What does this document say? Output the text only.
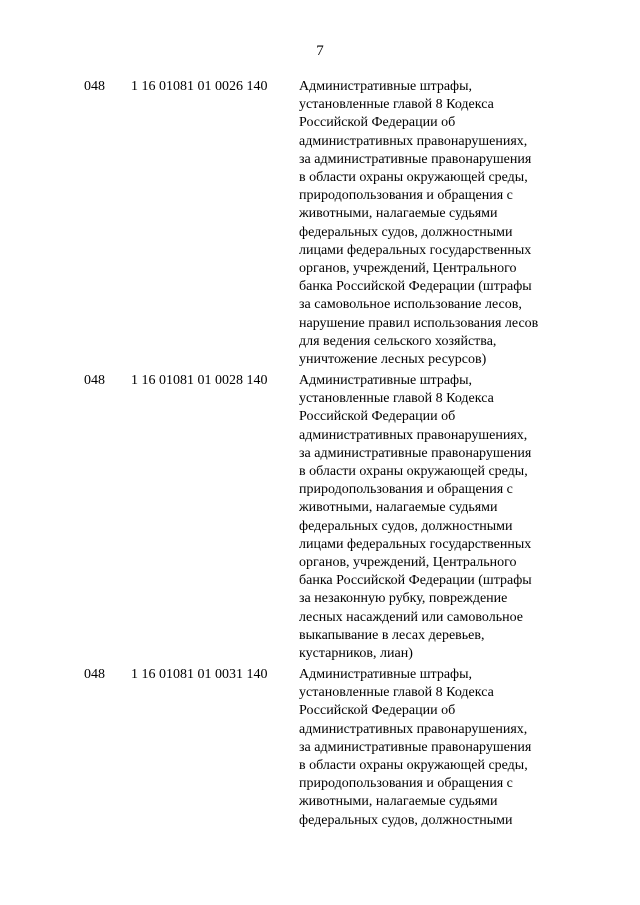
7
048 1 16 01081 01 0026 140 Административные штрафы,
установленные главой 8 Кодекса
Российской Федерации об
административных правонарушениях,
за административные правонарушения
в области охраны окружающей среды,
природопользования и обращения с
животными, налагаемые судьями
федеральных судов, должностными
лицами федеральных государственных
органов, учреждений, Центрального
банка Российской Федерации (штрафы
за самовольное использование лесов,
нарушение правил использования лесов
для ведения сельского хозяйства,
уничтожение лесных ресурсов)
048 1 16 01081 01 0028 140 Административные штрафы,
установленные главой 8 Кодекса
Российской Федерации об
административных правонарушениях,
за административные правонарушения
в области охраны окружающей среды,
природопользования и обращения с
животными, налагаемые судьями
федеральных судов, должностными
лицами федеральных государственных
органов, учреждений, Центрального
банка Российской Федерации (штрафы
за незаконную рубку, повреждение
лесных насаждений или самовольное
выкапывание в лесах деревьев,
кустарников, лиан)
048 1 16 01081 01 0031 140 Административные штрафы,
установленные главой 8 Кодекса
Российской Федерации об
административных правонарушениях,
за административные правонарушения
в области охраны окружающей среды,
природопользования и обращения с
животными, налагаемые судьями
федеральных судов, должностными
